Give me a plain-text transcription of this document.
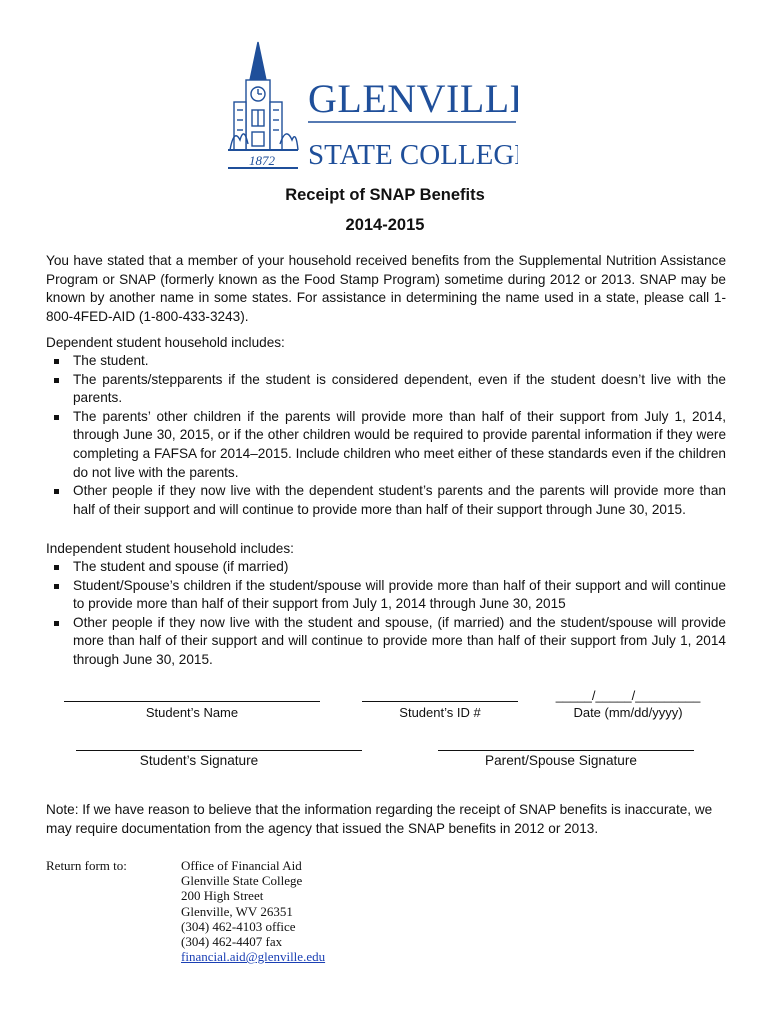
1872
GLENVILLE
STATE COLLEGE
Receipt of SNAP Benefits
2014-2015
You have stated that a member of your household received benefits from the Supplemental Nutrition Assistance Program or SNAP (formerly known as the Food Stamp Program) sometime during 2012 or 2013. SNAP may be known by another name in some states. For assistance in determining the name used in a state, please call 1-800-4FED-AID (1-800-433-3243).
Dependent student household includes:
The student.
The parents/stepparents if the student is considered dependent, even if the student doesn’t live with the parents.
The parents’ other children if the parents will provide more than half of their support from July 1, 2014, through June 30, 2015, or if the other children would be required to provide parental information if they were completing a FAFSA for 2014–2015. Include children who meet either of these standards even if the children do not live with the parents.
Other people if they now live with the dependent student’s parents and the parents will provide more than half of their support and will continue to provide more than half of their support through June 30, 2015.
Independent student household includes:
The student and spouse (if married)
Student/Spouse’s children if the student/spouse will provide more than half of their support and will continue to provide more than half of their support from July 1, 2014 through June 30, 2015
Other people if they now live with the student and spouse, (if married) and the student/spouse will provide more than half of their support and will continue to provide more than half of their support from July 1, 2014 through June 30, 2015.
Student’s Name	Student’s ID #
_____/_____/_________
Date (mm/dd/yyyy)
Student’s Signature	Parent/Spouse Signature
Note: If we have reason to believe that the information regarding the receipt of SNAP benefits is inaccurate, we may require documentation from the agency that issued the SNAP benefits in 2012 or 2013.
Return form to:	Office of Financial Aid
Glenville State College
200 High Street
Glenville, WV 26351
(304) 462-4103 office
(304) 462-4407 fax
financial.aid@glenville.edu
